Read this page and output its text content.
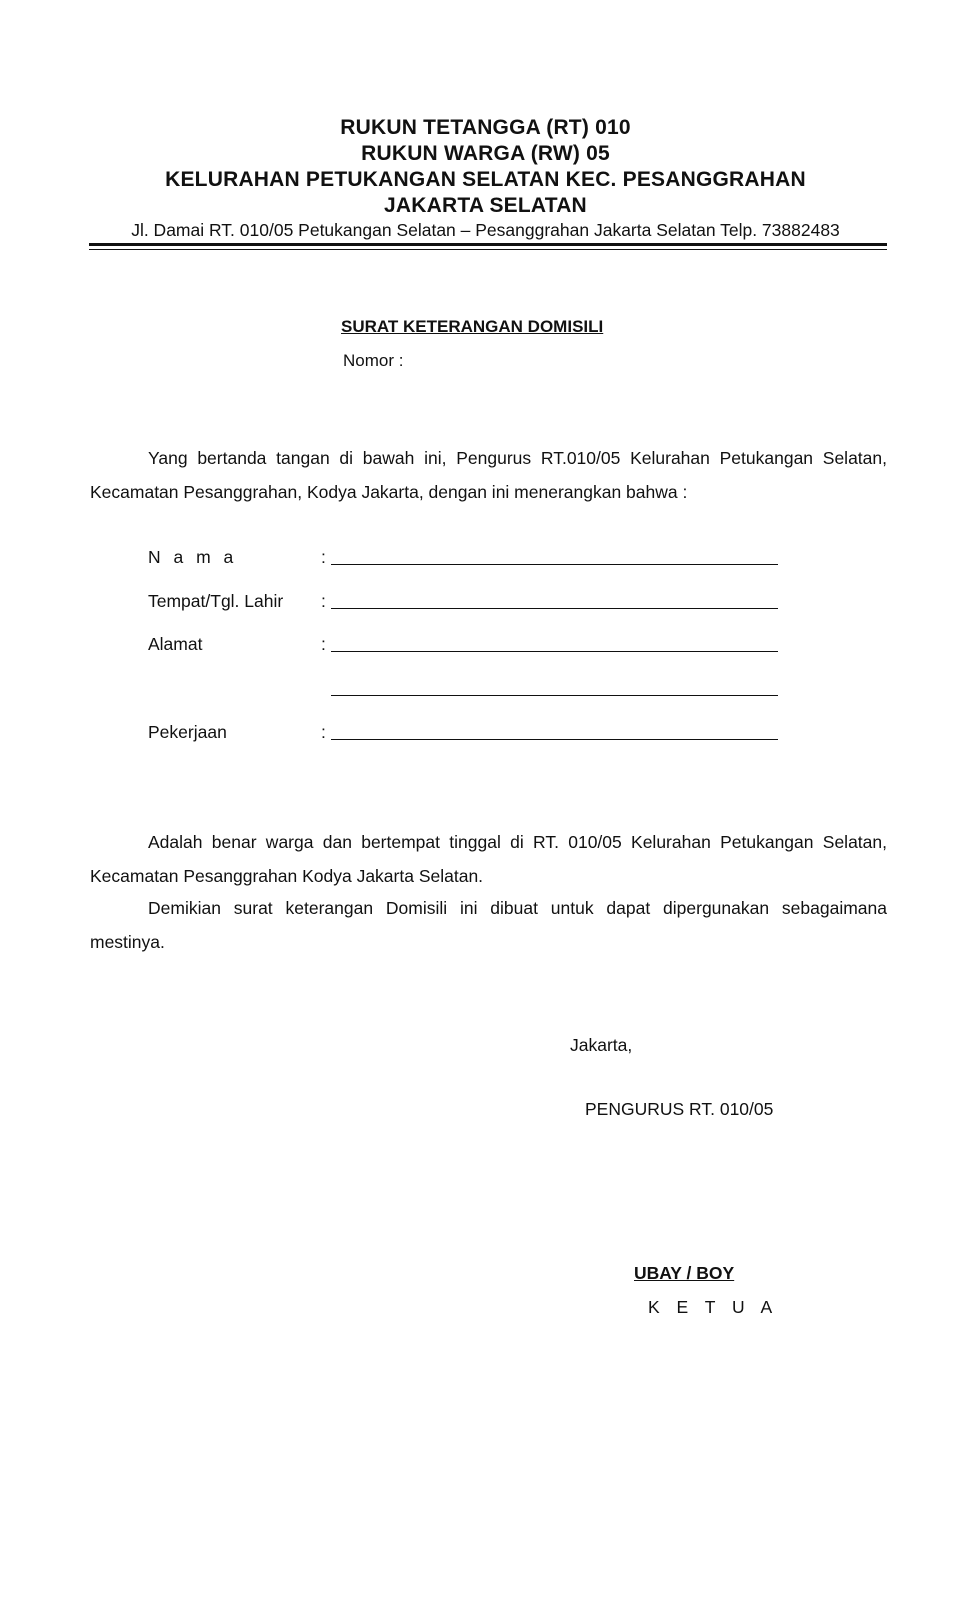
RUKUN TETANGGA (RT) 010
RUKUN WARGA (RW) 05
KELURAHAN PETUKANGAN SELATAN KEC. PESANGGRAHAN
JAKARTA SELATAN
Jl. Damai RT. 010/05 Petukangan Selatan – Pesanggrahan Jakarta Selatan Telp. 73882483
SURAT KETERANGAN DOMISILI
Nomor :
Yang bertanda tangan di bawah ini, Pengurus RT.010/05 Kelurahan Petukangan Selatan, Kecamatan Pesanggrahan, Kodya Jakarta, dengan ini menerangkan bahwa :
N a m a	:
Tempat/Tgl. Lahir :
Alamat	:
Pekerjaan	:
Adalah benar warga dan bertempat tinggal di RT. 010/05 Kelurahan Petukangan Selatan, Kecamatan Pesanggrahan Kodya Jakarta Selatan.
Demikian surat keterangan Domisili ini dibuat untuk dapat dipergunakan sebagaimana mestinya.
Jakarta,
PENGURUS RT. 010/05
UBAY / BOY
K E T U A
